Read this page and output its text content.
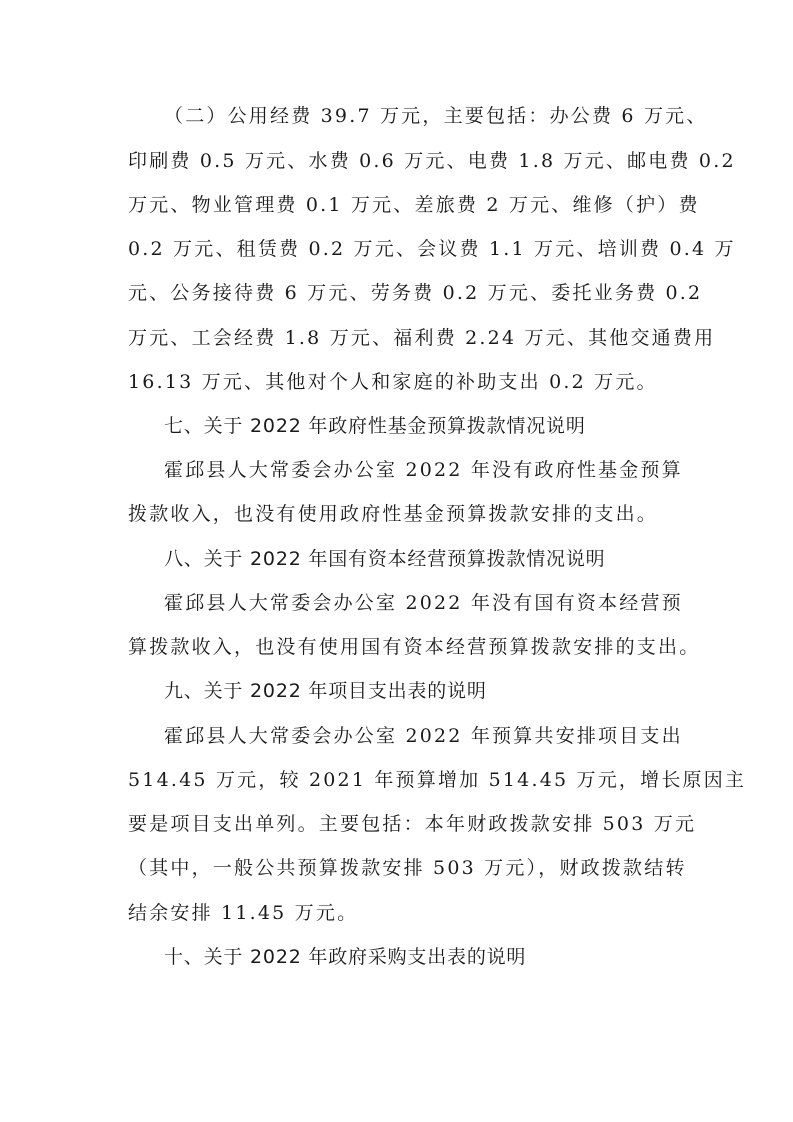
（二）公用经费 39.7 万元，主要包括：办公费 6 万元、
印刷费 0.5 万元、水费 0.6 万元、电费 1.8 万元、邮电费 0.2
万元、物业管理费 0.1 万元、差旅费 2 万元、维修（护）费
0.2 万元、租赁费 0.2 万元、会议费 1.1 万元、培训费 0.4 万
元、公务接待费 6 万元、劳务费 0.2 万元、委托业务费 0.2
万元、工会经费 1.8 万元、福利费 2.24 万元、其他交通费用
16.13 万元、其他对个人和家庭的补助支出 0.2 万元。
七、关于 2022 年政府性基金预算拨款情况说明
霍邱县人大常委会办公室 2022 年没有政府性基金预算
拨款收入，也没有使用政府性基金预算拨款安排的支出。
八、关于 2022 年国有资本经营预算拨款情况说明
霍邱县人大常委会办公室 2022 年没有国有资本经营预
算拨款收入，也没有使用国有资本经营预算拨款安排的支出。
九、关于 2022 年项目支出表的说明
霍邱县人大常委会办公室 2022 年预算共安排项目支出
514.45 万元，较 2021 年预算增加 514.45 万元，增长原因主
要是项目支出单列。主要包括：本年财政拨款安排 503 万元
（其中，一般公共预算拨款安排 503 万元），财政拨款结转
结余安排 11.45 万元。
十、关于 2022 年政府采购支出表的说明
